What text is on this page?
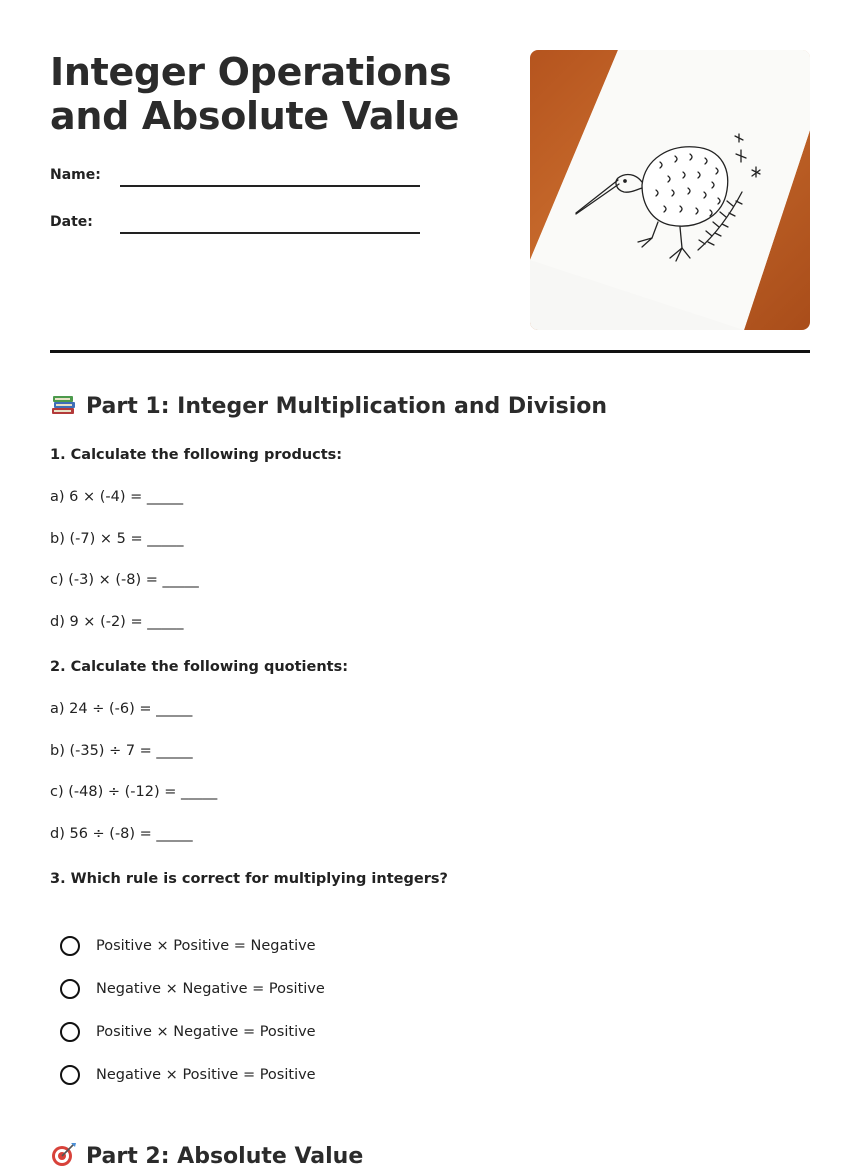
Integer Operations and Absolute Value
Name:
Date:
Part 1: Integer Multiplication and Division

1. Calculate the following products:

a) 6 × (-4) = _____

b) (-7) × 5 = _____

c) (-3) × (-8) = _____

d) 9 × (-2) = _____

2. Calculate the following quotients:

a) 24 ÷ (-6) = _____

b) (-35) ÷ 7 = _____

c) (-48) ÷ (-12) = _____

d) 56 ÷ (-8) = _____

3. Which rule is correct for multiplying integers?

Positive × Positive = Negative
Negative × Negative = Positive
Positive × Negative = Positive
Negative × Positive = Positive
Part 2: Absolute Value
